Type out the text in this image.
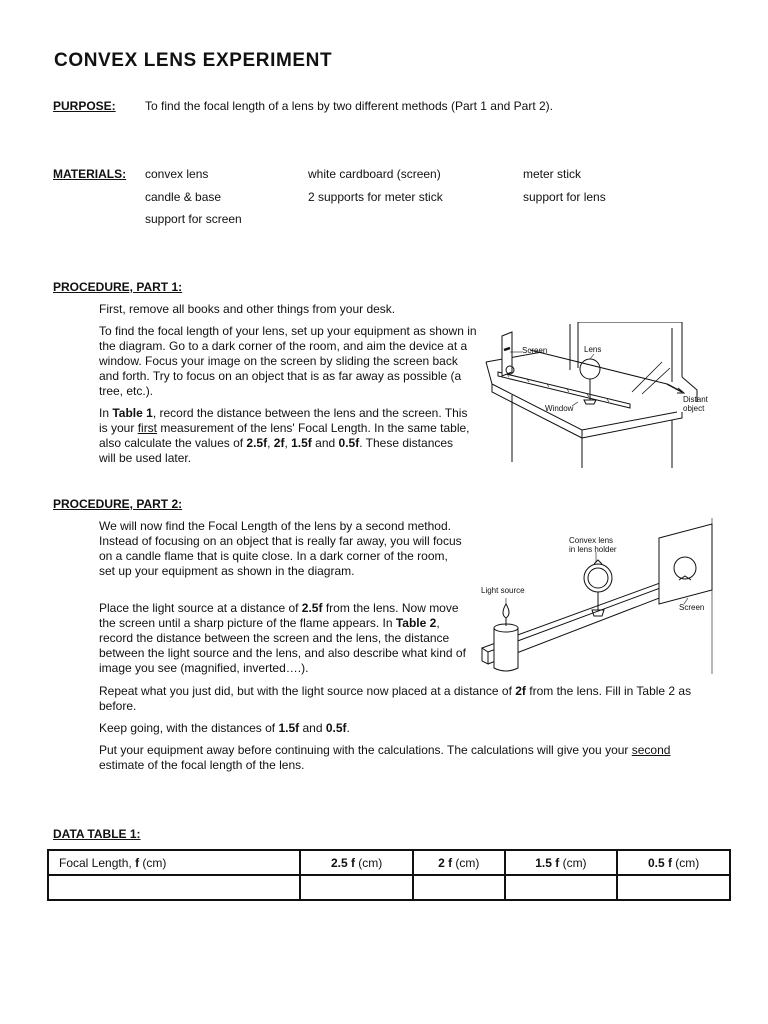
CONVEX LENS EXPERIMENT
PURPOSE: To find the focal length of a lens by two different methods (Part 1 and Part 2).
MATERIALS: convex lens	white cardboard (screen)	meter stick
candle & base	2 supports for meter stick	support for lens
support for screen
PROCEDURE, PART 1:
First, remove all books and other things from your desk.
To find the focal length of your lens, set up your equipment as shown in the diagram. Go to a dark corner of the room, and aim the device at a window. Focus your image on the screen by sliding the screen back and forth. Try to focus on an object that is as far away as possible (a tree, etc.).
In Table 1, record the distance between the lens and the screen. This is your first measurement of the lens' Focal Length. In the same table, also calculate the values of 2.5f, 2f, 1.5f and 0.5f. These distances will be used later.
Screen	Lens
Window
Distant
object
PROCEDURE, PART 2:
We will now find the Focal Length of the lens by a second method. Instead of focusing on an object that is really far away, you will focus on a candle flame that is quite close. In a dark corner of the room, set up your equipment as shown in the diagram.
Place the light source at a distance of 2.5f from the lens. Now move the screen until a sharp picture of the flame appears. In Table 2, record the distance between the screen and the lens, the distance between the light source and the lens, and also describe what kind of image you see (magnified, inverted….).
Repeat what you just did, but with the light source now placed at a distance of 2f from the lens. Fill in Table 2 as before.
Keep going, with the distances of 1.5f and 0.5f.
Put your equipment away before continuing with the calculations. The calculations will give you your second estimate of the focal length of the lens.
Convex lens
in lens holder
Light source
Screen
DATA TABLE 1:
Focal Length, f (cm)	2.5 f (cm)	2 f (cm)	1.5 f (cm)	0.5 f (cm)
